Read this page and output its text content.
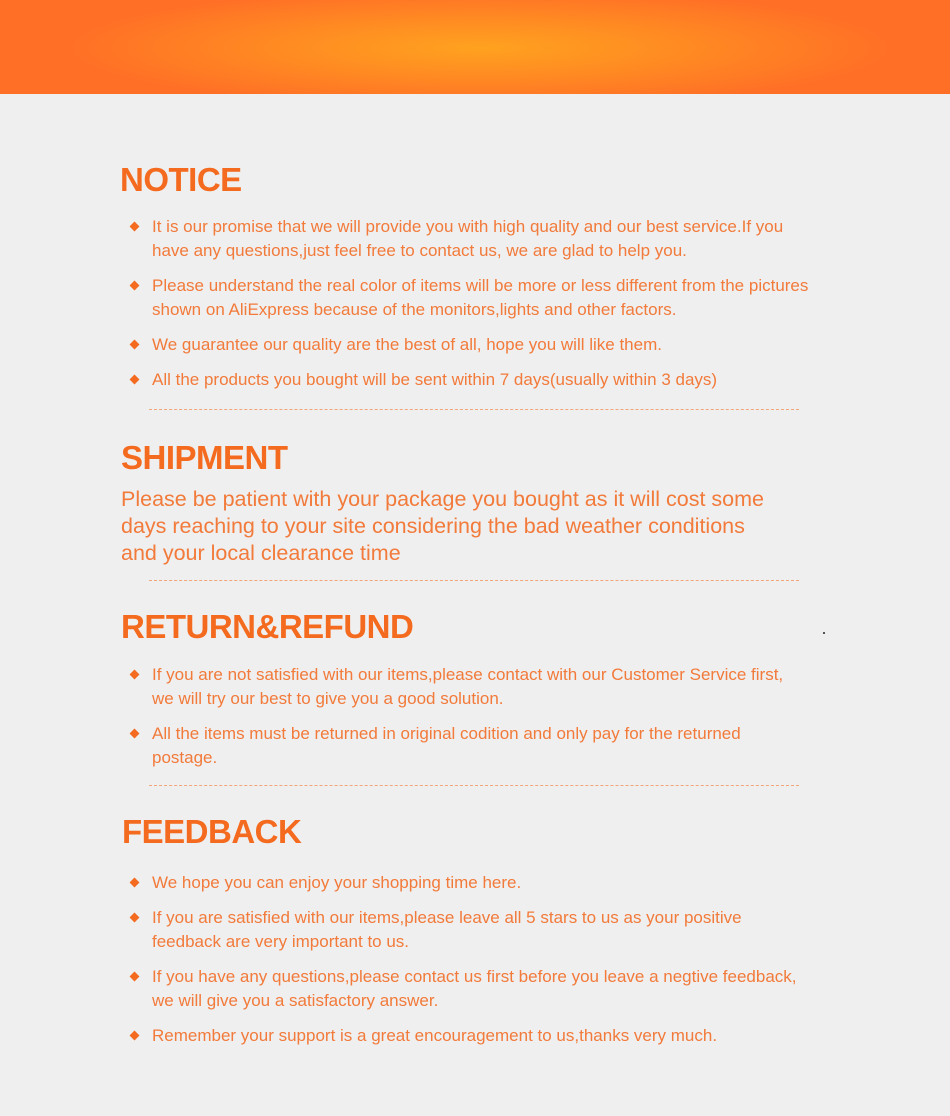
NOTICE
It is our promise that we will provide you with high quality and our best service.If you have any questions,just feel free to contact us, we are glad to help you.
Please understand the real color of items will be more or less different from the pictures shown on AliExpress because of the monitors,lights and other factors.
We guarantee our quality are the best of all, hope you will like them.
All the products you bought will be sent within 7 days(usually within 3 days)
SHIPMENT

Please be patient with your package you bought as it will cost some days reaching to your site considering the bad weather conditions and your local clearance time

RETURN&REFUND
If you are not satisfied with our items,please contact with our Customer Service first, we will try our best to give you a good solution.
All the items must be returned in original codition and only pay for the returned postage.
FEEDBACK
We hope you can enjoy your shopping time here.
If you are satisfied with our items,please leave all 5 stars to us as your positive feedback are very important to us.
If you have any questions,please contact us first before you leave a negtive feedback, we will give you a satisfactory answer.
Remember your support is a great encouragement to us,thanks very much.
